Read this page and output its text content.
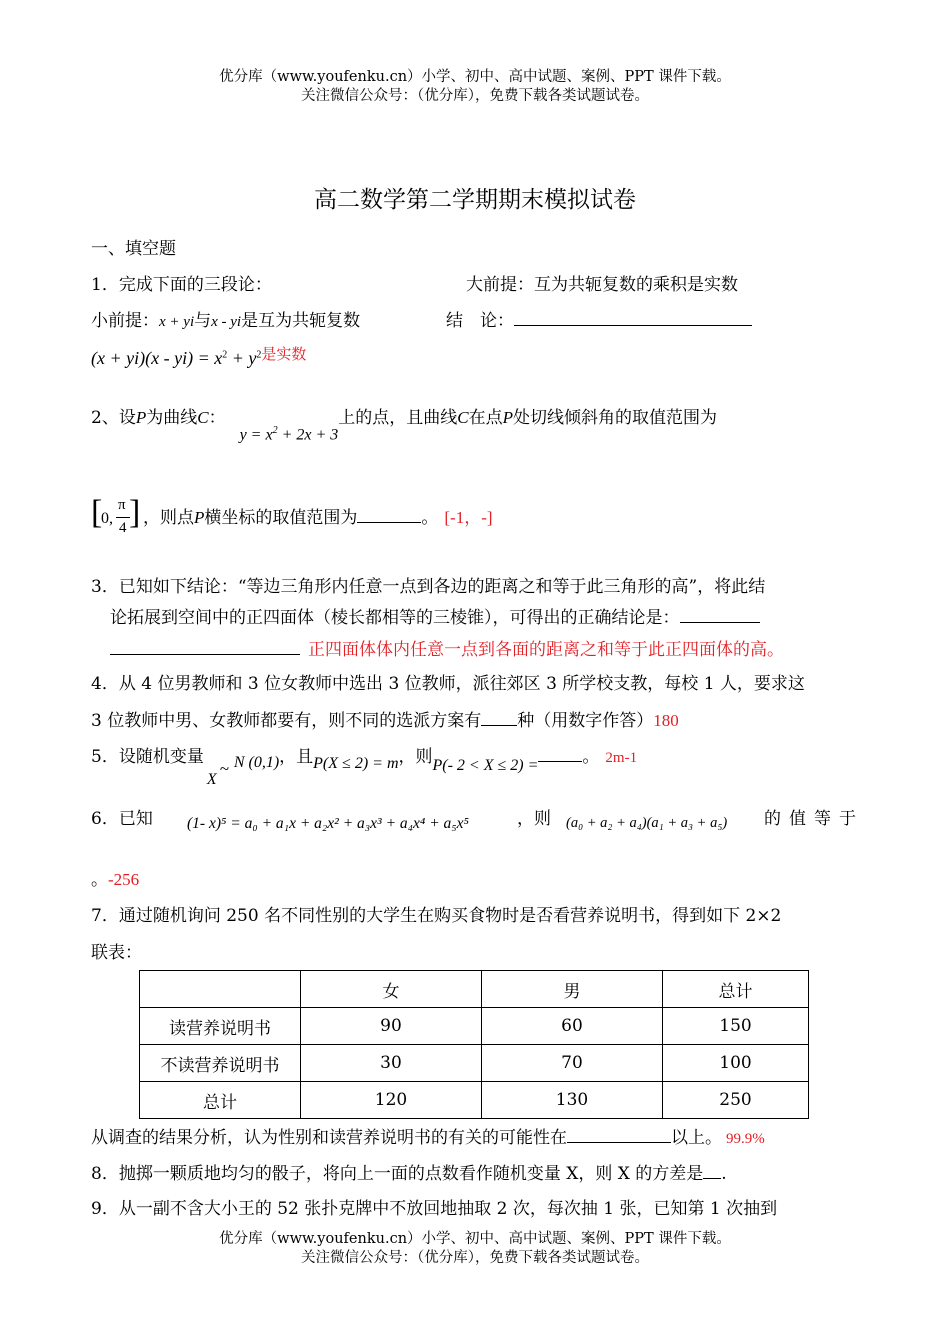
优分库（www.youfenku.cn）小学、初中、高中试题、案例、PPT 课件下载。
关注微信公众号：（优分库），免费下载各类试题试卷。
高二数学第二学期期末模拟试卷
一、填空题
1．完成下面的三段论：	大前提：互为共轭复数的乘积是实数
小前提：x + yi与x - yi是互为共轭复数	结　论：
$(x + yi)(x - yi) = x^2 + y^2$是实数
2、设P为曲线C：$y = x^2 + 2x + 3$上的点，且曲线C在点P处切线倾斜角的取值范围为
[
0,
π
4 ] ，则点P横坐标的取值范围为	。 [-1，-]
3．已知如下结论：“等边三角形内任意一点到各边的距离之和等于此三角形的高”，将此结
论拓展到空间中的正四面体（棱长都相等的三棱锥），可得出的正确结论是：
正四面体体内任意一点到各面的距离之和等于此正四面体的高。
4．从 4 位男教师和 3 位女教师中选出 3 位教师，派往郊区 3 所学校支教，每校 1 人，要求这
3 位教师中男、女教师都要有，则不同的选派方案有 种（用数字作答）180
5．设随机变量
~
X
N (0,1)，且P(X ≤ 2) = m，则P(- 2 < X ≤ 2) =	。 2m-1
6．已知 (1- x)⁵ = a₀ + a₁x + a₂x² + a₃x³ + a₄x⁴ + a₅x⁵	，则 (a₀ + a₂ + a₄)(a₁ + a₃ + a₅) 的值等于
。-256
7．通过随机询问 250 名不同性别的大学生在购买食物时是否看营养说明书，得到如下 2×2
联表：
	女	男	总计
读营养说明书	90	60	150
不读营养说明书	30	70	100
总计	120	130	250
从调查的结果分析，认为性别和读营养说明书的有关的可能性在	以上。 99.9%
8．抛掷一颗质地均匀的骰子，将向上一面的点数看作随机变量 X，则 X 的方差是 .
9．从一副不含大小王的 52 张扑克牌中不放回地抽取 2 次，每次抽 1 张，已知第 1 次抽到
优分库（www.youfenku.cn）小学、初中、高中试题、案例、PPT 课件下载。
关注微信公众号：（优分库），免费下载各类试题试卷。
